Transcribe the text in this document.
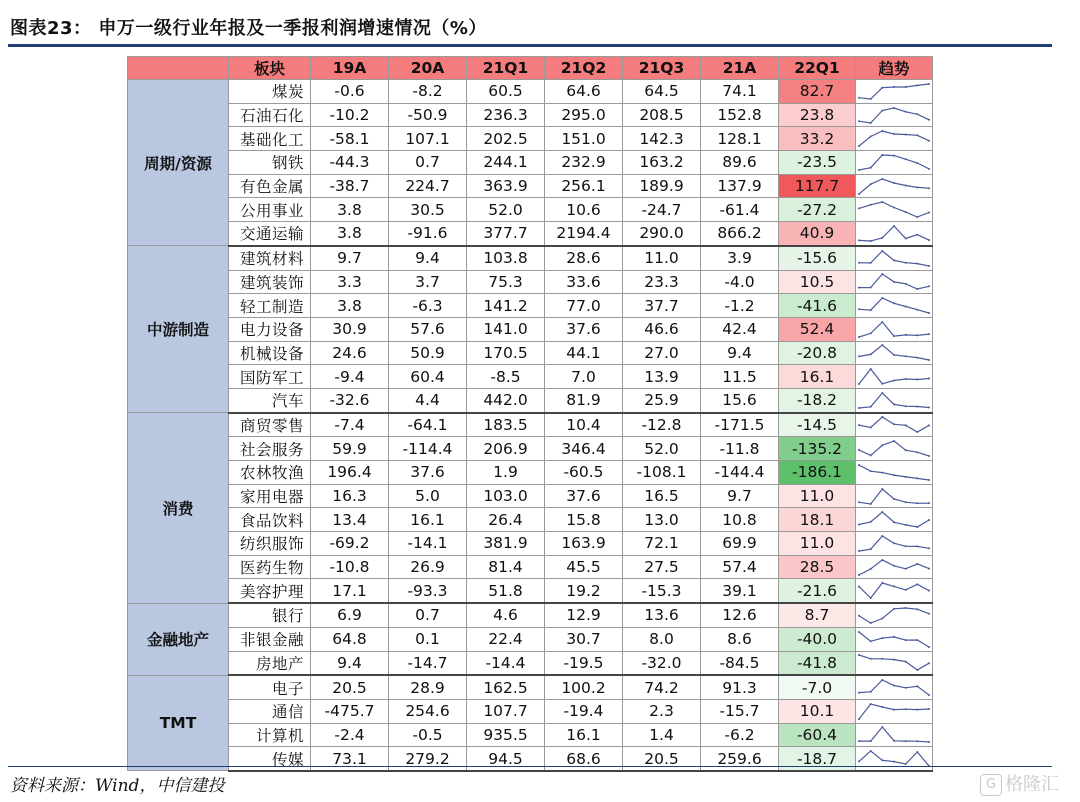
图表23： 申万一级行业年报及一季报利润增速情况（%）
	板块	19A	20A	21Q1	21Q2	21Q3	21A	22Q1	趋势
周期/资源	煤炭	-0.6	-8.2	60.5	64.6	64.5	74.1	82.7	

	石油石化	-10.2	-50.9	236.3	295.0	208.5	152.8	23.8	

	基础化工	-58.1	107.1	202.5	151.0	142.3	128.1	33.2	

	钢铁	-44.3	0.7	244.1	232.9	163.2	89.6	-23.5	

	有色金属	-38.7	224.7	363.9	256.1	189.9	137.9	117.7	

	公用事业	3.8	30.5	52.0	10.6	-24.7	-61.4	-27.2	

	交通运输	3.8	-91.6	377.7	2194.4	290.0	866.2	40.9	

中游制造	建筑材料	9.7	9.4	103.8	28.6	11.0	3.9	-15.6	

	建筑装饰	3.3	3.7	75.3	33.6	23.3	-4.0	10.5	

	轻工制造	3.8	-6.3	141.2	77.0	37.7	-1.2	-41.6	

	电力设备	30.9	57.6	141.0	37.6	46.6	42.4	52.4	

	机械设备	24.6	50.9	170.5	44.1	27.0	9.4	-20.8	

	国防军工	-9.4	60.4	-8.5	7.0	13.9	11.5	16.1	

	汽车	-32.6	4.4	442.0	81.9	25.9	15.6	-18.2	

消费	商贸零售	-7.4	-64.1	183.5	10.4	-12.8	-171.5	-14.5	

	社会服务	59.9	-114.4	206.9	346.4	52.0	-11.8	-135.2	

	农林牧渔	196.4	37.6	1.9	-60.5	-108.1	-144.4	-186.1	

	家用电器	16.3	5.0	103.0	37.6	16.5	9.7	11.0	

	食品饮料	13.4	16.1	26.4	15.8	13.0	10.8	18.1	

	纺织服饰	-69.2	-14.1	381.9	163.9	72.1	69.9	11.0	

	医药生物	-10.8	26.9	81.4	45.5	27.5	57.4	28.5	

	美容护理	17.1	-93.3	51.8	19.2	-15.3	39.1	-21.6	

金融地产	银行	6.9	0.7	4.6	12.9	13.6	12.6	8.7	

	非银金融	64.8	0.1	22.4	30.7	8.0	8.6	-40.0	

	房地产	9.4	-14.7	-14.4	-19.5	-32.0	-84.5	-41.8	

TMT	电子	20.5	28.9	162.5	100.2	74.2	91.3	-7.0	

	通信	-475.7	254.6	107.7	-19.4	2.3	-15.7	10.1	

	计算机	-2.4	-0.5	935.5	16.1	1.4	-6.2	-60.4	

	传媒	73.1	279.2	94.5	68.6	20.5	259.6	-18.7	
资料来源：Wind，中信建投	G 格隆汇
